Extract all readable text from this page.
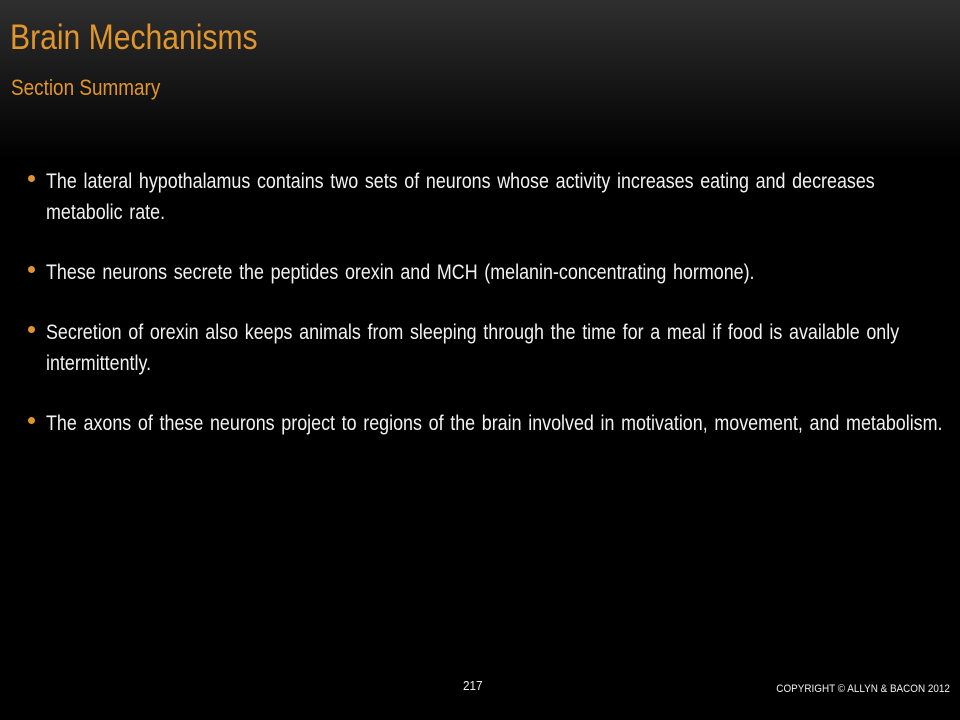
Brain Mechanisms
Section Summary
The lateral hypothalamus contains two sets of neurons whose activity increases eating and decreases metabolic rate.
These neurons secrete the peptides orexin and MCH (melanin-concentrating hormone).
Secretion of orexin also keeps animals from sleeping through the time for a meal if food is available only intermittently.
The axons of these neurons project to regions of the brain involved in motivation, movement, and metabolism.
217	COPYRIGHT © ALLYN & BACON 2012
